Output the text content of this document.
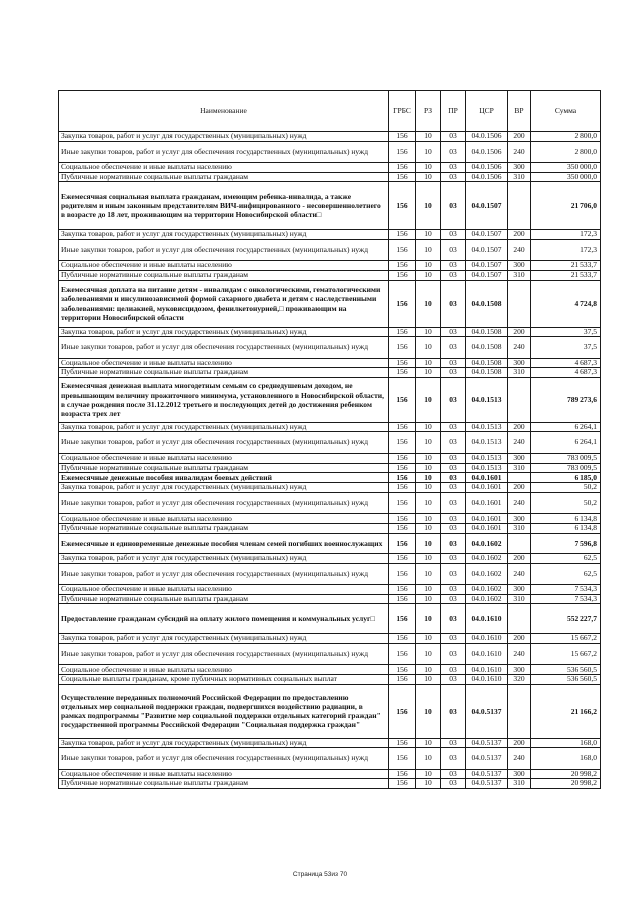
Наименование	ГРБС	РЗ	ПР	ЦСР	ВР	Сумма
Закупка товаров, работ и услуг для государственных (муниципальных) нужд	156	10	03	04.0.1506	200	2 800,0
Иные закупки товаров, работ и услуг для обеспечения государственных (муниципальных) нужд	156	10	03	04.0.1506	240	2 800,0
Социальное обеспечение и иные выплаты населению	156	10	03	04.0.1506	300	350 000,0
Публичные нормативные социальные выплаты гражданам	156	10	03	04.0.1506	310	350 000,0
Ежемесячная социальная выплата гражданам, имеющим ребенка-инвалида, а также родителям и иным законным представителям ВИЧ-инфицированного - несовершеннолетнего в возрасте до 18 лет, проживающим на территории Новосибирской области□	156	10	03	04.0.1507		21 706,0
Закупка товаров, работ и услуг для государственных (муниципальных) нужд	156	10	03	04.0.1507	200	172,3
Иные закупки товаров, работ и услуг для обеспечения государственных (муниципальных) нужд	156	10	03	04.0.1507	240	172,3
Социальное обеспечение и иные выплаты населению	156	10	03	04.0.1507	300	21 533,7
Публичные нормативные социальные выплаты гражданам	156	10	03	04.0.1507	310	21 533,7
Ежемесячная доплата на питание детям - инвалидам с онкологическими, гематологическими заболеваниями и инсулинозависимой формой сахарного диабета и детям с наследственными заболеваниями: целиакией, муковисцидозом, фенилкетонурией,□ проживающим на территории Новосибирской области	156	10	03	04.0.1508		4 724,8
Закупка товаров, работ и услуг для государственных (муниципальных) нужд	156	10	03	04.0.1508	200	37,5
Иные закупки товаров, работ и услуг для обеспечения государственных (муниципальных) нужд	156	10	03	04.0.1508	240	37,5
Социальное обеспечение и иные выплаты населению	156	10	03	04.0.1508	300	4 687,3
Публичные нормативные социальные выплаты гражданам	156	10	03	04.0.1508	310	4 687,3
Ежемесячная денежная выплата многодетным семьям со среднедушевым доходом, не превышающим величину прожиточного минимума, установленного в Новосибирской области, в случае рождения после 31.12.2012 третьего и последующих детей до достижения ребенком возраста трех лет	156	10	03	04.0.1513		789 273,6
Закупка товаров, работ и услуг для государственных (муниципальных) нужд	156	10	03	04.0.1513	200	6 264,1
Иные закупки товаров, работ и услуг для обеспечения государственных (муниципальных) нужд	156	10	03	04.0.1513	240	6 264,1
Социальное обеспечение и иные выплаты населению	156	10	03	04.0.1513	300	783 009,5
Публичные нормативные социальные выплаты гражданам	156	10	03	04.0.1513	310	783 009,5
Ежемесячные денежные пособия инвалидам боевых действий	156	10	03	04.0.1601		6 185,0
Закупка товаров, работ и услуг для государственных (муниципальных) нужд	156	10	03	04.0.1601	200	50,2
Иные закупки товаров, работ и услуг для обеспечения государственных (муниципальных) нужд	156	10	03	04.0.1601	240	50,2
Социальное обеспечение и иные выплаты населению	156	10	03	04.0.1601	300	6 134,8
Публичные нормативные социальные выплаты гражданам	156	10	03	04.0.1601	310	6 134,8
Ежемесячные и единовременные денежные пособия членам семей погибших военнослужащих	156	10	03	04.0.1602		7 596,8
Закупка товаров, работ и услуг для государственных (муниципальных) нужд	156	10	03	04.0.1602	200	62,5
Иные закупки товаров, работ и услуг для обеспечения государственных (муниципальных) нужд	156	10	03	04.0.1602	240	62,5
Социальное обеспечение и иные выплаты населению	156	10	03	04.0.1602	300	7 534,3
Публичные нормативные социальные выплаты гражданам	156	10	03	04.0.1602	310	7 534,3
Предоставление гражданам субсидий на оплату жилого помещения и коммунальных услуг□	156	10	03	04.0.1610		552 227,7
Закупка товаров, работ и услуг для государственных (муниципальных) нужд	156	10	03	04.0.1610	200	15 667,2
Иные закупки товаров, работ и услуг для обеспечения государственных (муниципальных) нужд	156	10	03	04.0.1610	240	15 667,2
Социальное обеспечение и иные выплаты населению	156	10	03	04.0.1610	300	536 560,5
Социальные выплаты гражданам, кроме публичных нормативных социальных выплат	156	10	03	04.0.1610	320	536 560,5
Осуществление переданных полномочий Российской Федерации по предоставлению отдельных мер социальной поддержки граждан, подвергшихся воздействию радиации, в рамках подпрограммы "Развитие мер социальной поддержки отдельных категорий граждан" государственной программы Российской Федерации "Социальная поддержка граждан"	156	10	03	04.0.5137		21 166,2
Закупка товаров, работ и услуг для государственных (муниципальных) нужд	156	10	03	04.0.5137	200	168,0
Иные закупки товаров, работ и услуг для обеспечения государственных (муниципальных) нужд	156	10	03	04.0.5137	240	168,0
Социальное обеспечение и иные выплаты населению	156	10	03	04.0.5137	300	20 998,2
Публичные нормативные социальные выплаты гражданам	156	10	03	04.0.5137	310	20 998,2
Страница 53из 70
